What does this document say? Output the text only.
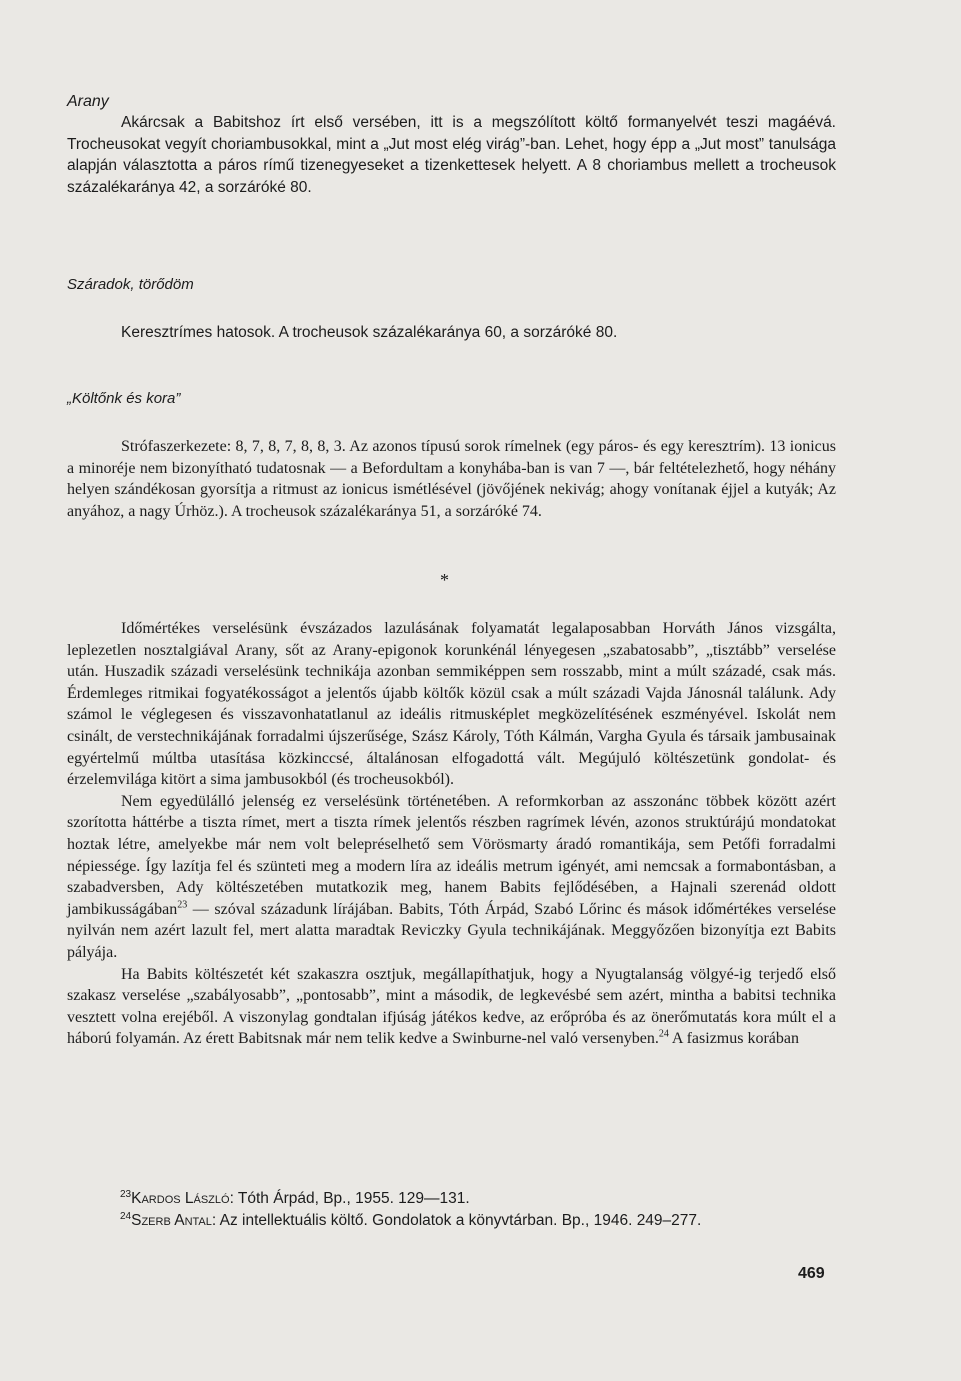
Arany

Akárcsak a Babitshoz írt első versében, itt is a megszólított költő formanyelvét teszi magáévá. Trocheusokat vegyít choriambusokkal, mint a „Jut most elég virág”-ban. Lehet, hogy épp a „Jut most” tanulsága alapján választotta a páros rímű tizenegyeseket a tizenkettesek helyett. A 8 choriambus mellett a trocheusok százalékaránya 42, a sorzáróké 80.

Száradok, törődöm

Keresztrímes hatosok. A trocheusok százalékaránya 60, a sorzáróké 80.

„Költőnk és kora”

Strófaszerkezete: 8, 7, 8, 7, 8, 8, 3. Az azonos típusú sorok rímelnek (egy páros- és egy keresztrím). 13 ionicus a minoréje nem bizonyítható tudatosnak — a Befordultam a konyhába-ban is van 7 —, bár feltételezhető, hogy néhány helyen szándékosan gyorsítja a ritmust az ionicus ismétlésével (jövőjének nekivág; ahogy vonítanak éjjel a kutyák; Az anyához, a nagy Úrhöz.). A trocheusok százalékaránya 51, a sorzáróké 74.

*

Időmértékes verselésünk évszázados lazulásának folyamatát legalaposabban Horváth János vizsgálta, leplezetlen nosztalgiával Arany, sőt az Arany-epigonok korunkénál lényegesen „szabatosabb”, „tisztább” verselése után. Huszadik századi verselésünk technikája azonban semmiképpen sem rosszabb, mint a múlt századé, csak más. Érdemleges ritmikai fogyatékosságot a jelentős újabb költők közül csak a múlt századi Vajda Jánosnál találunk. Ady számol le véglegesen és visszavonhatatlanul az ideális ritmusképlet megközelítésének eszményével. Iskolát nem csinált, de verstechnikájának forradalmi újszerűsége, Szász Károly, Tóth Kálmán, Vargha Gyula és társaik jambusainak egyértelmű múltba utasítása közkinccsé, általánosan elfogadottá vált. Megújuló költészetünk gondolat- és érzelemvilága kitört a sima jambusokból (és trocheusokból).

Nem egyedülálló jelenség ez verselésünk történetében. A reformkorban az asszonánc többek között azért szorította háttérbe a tiszta rímet, mert a tiszta rímek jelentős részben ragrímek lévén, azonos struktúrájú mondatokat hoztak létre, amelyekbe már nem volt belepréselhető sem Vörösmarty áradó romantikája, sem Petőfi forradalmi népiessége. Így lazítja fel és szünteti meg a modern líra az ideális metrum igényét, ami nemcsak a formabontásban, a szabadversben, Ady költészetében mutatkozik meg, hanem Babits fejlődésében, a Hajnali szerenád oldott jambikusságában$^{23}$ — szóval századunk lírájában. Babits, Tóth Árpád, Szabó Lőrinc és mások időmértékes verselése nyilván nem azért lazult fel, mert alatta maradtak Reviczky Gyula technikájának. Meggyőzően bizonyítja ezt Babits pályája.

Ha Babits költészetét két szakaszra osztjuk, megállapíthatjuk, hogy a Nyugtalanság völgyé-ig terjedő első szakasz verselése „szabályosabb”, „pontosabb”, mint a második, de legkevésbé sem azért, mintha a babitsi technika vesztett volna erejéből. A viszonylag gondtalan ifjúság játékos kedve, az erőpróba és az önerőmutatás kora múlt el a háború folyamán. Az érett Babitsnak már nem telik kedve a Swinburne-nel való versenyben.$^{24}$ A fasizmus korában

$^{23}$Kardos László: Tóth Árpád, Bp., 1955. 129—131.
$^{24}$Szerb Antal: Az intellektuális költő. Gondolatok a könyvtárban. Bp., 1946. 249–277.
469
